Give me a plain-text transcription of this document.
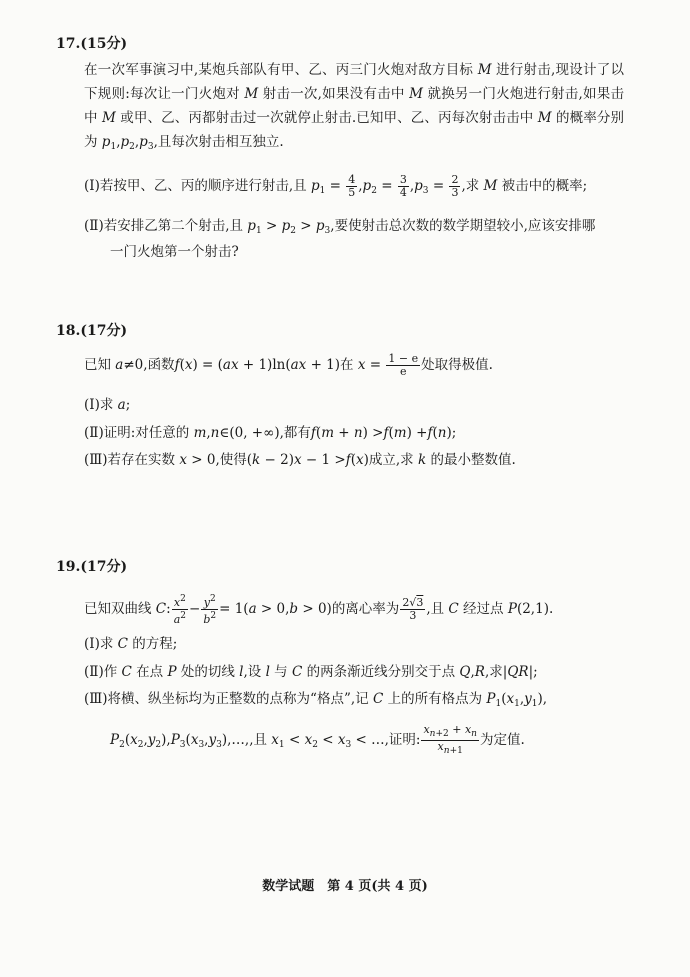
17.(15分)
在一次军事演习中,某炮兵部队有甲、乙、丙三门火炮对敌方目标 M 进行射击,现设计了以下规则:每次让一门火炮对 M 射击一次,如果没有击中 M 就换另一门火炮进行射击,如果击中 M 或甲、乙、丙都射击过一次就停止射击.已知甲、乙、丙每次射击击中 M 的概率分别为 $p_1,p_2,p_3$,且每次射击相互独立.
(Ⅰ)若按甲、乙、丙的顺序进行射击,且 $p_1 = \frac{4}{5} ,p_2 = \frac{3}{4} ,p_3 = \frac{2}{3}$ ,求 M 被击中的概率;
(Ⅱ)若安排乙第二个射击,且 $p_1 > p_2 > p_3$,要使射击总次数的数学期望较小,应该安排哪
一门火炮第一个射击?
18.(17分)
已知 a≠0,函数f(x) = (ax + 1)ln(ax + 1)在 $x = \frac{1 - e}{e}$ 处取得极值.
(Ⅰ)求 a;
(Ⅱ)证明:对任意的 m,n∈(0, +∞),都有f(m + n) >f(m) +f(n);
(Ⅲ)若存在实数 x > 0,使得(k − 2)x − 1 >f(x)成立,求 k 的最小整数值.
19.(17分)
已知双曲线 C: $\frac{x^2}{a^2} - \frac{y^2}{b^2} = 1(a > 0,b > 0)$的离心率为 $\frac{2√3}{3}$ ,且 C 经过点 P(2,1).
(Ⅰ)求 C 的方程;
(Ⅱ)作 C 在点 P 处的切线 l,设 l 与 C 的两条渐近线分别交于点 Q,R,求|QR|;
(Ⅲ)将横、纵坐标均为正整数的点称为“格点”,记 C 上的所有格点为 $P_1(x_1,y_1)$,
$P_2(x_2,y_2),P_3(x_3,y_3),\dots$,,且 $x_1 < x_2 < x_3$ < …,证明: $\frac{x_{n+2} + x_n}{x_{n+1}}$ 为定值.
数学试题　第 4 页(共 4 页)
